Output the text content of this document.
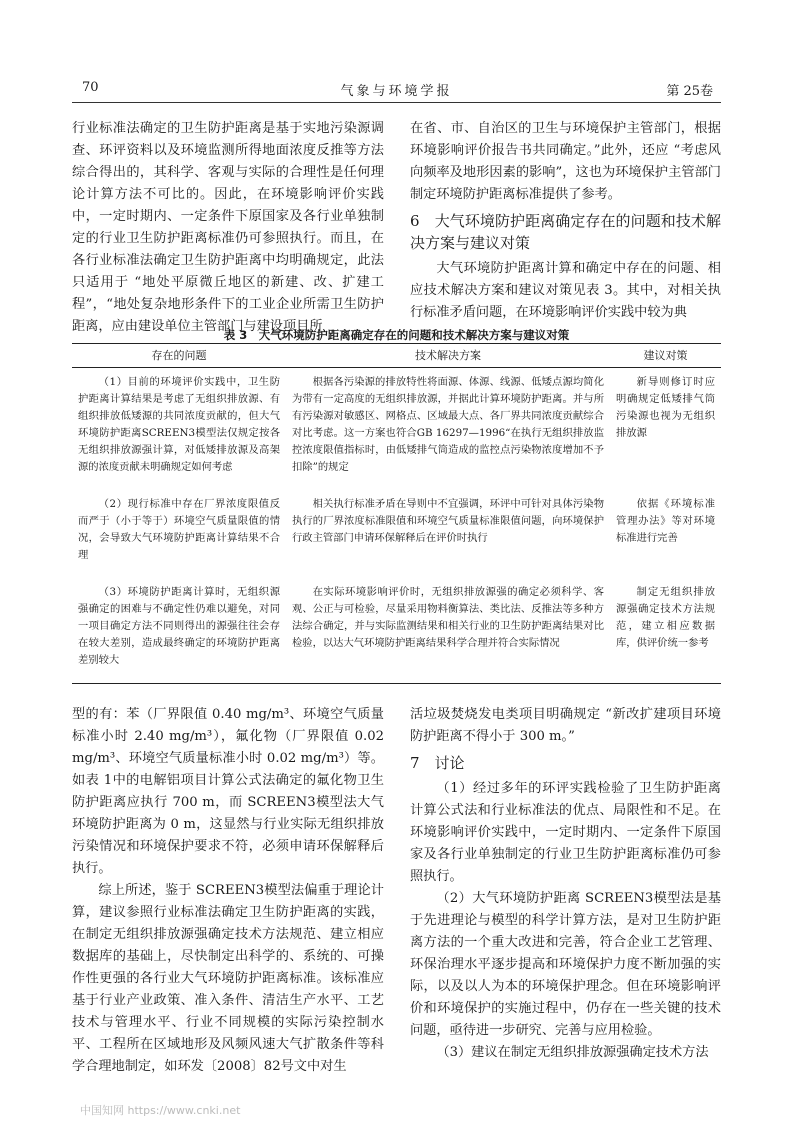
70	气象与环境学报	第 25卷

行业标准法确定的卫生防护距离是基于实地污染源调查、环评资料以及环境监测所得地面浓度反推等方法综合得出的，其科学、客观与实际的合理性是任何理论计算方法不可比的。因此，在环境影响评价实践中，一定时期内、一定条件下原国家及各行业单独制定的行业卫生防护距离标准仍可参照执行。而且，在各行业标准法确定卫生防护距离中均明确规定，此法只适用于 “地处平原微丘地区的新建、改、扩建工程”，“地处复杂地形条件下的工业企业所需卫生防护距离，应由建设单位主管部门与建设项目所

在省、市、自治区的卫生与环境保护主管部门，根据环境影响评价报告书共同确定。”此外，还应 “考虑风向频率及地形因素的影响”，这也为环境保护主管部门制定环境防护距离标准提供了参考。

6　大气环境防护距离确定存在的问题和技术解决方案与建议对策

大气环境防护距离计算和确定中存在的问题、相应技术解决方案和建议对策见表 3。其中，对相关执行标准矛盾问题，在环境影响评价实践中较为典

表 3　大气环境防护距离确定存在的问题和技术解决方案与建议对策
存在的问题	技术解决方案	建议对策

（1）目前的环境评价实践中，卫生防护距离计算结果是考虑了无组织排放源、有组织排放低矮源的共同浓度贡献的，但大气环境防护距离SCREEN3模型法仅规定按各无组织排放源强计算，对低矮排放源及高架源的浓度贡献未明确规定如何考虑	根据各污染源的排放特性将面源、体源、线源、低矮点源均简化为带有一定高度的无组织排放源，并据此计算环境防护距离。并与所有污染源对敏感区、网格点、区域最大点、各厂界共同浓度贡献综合对比考虑。这一方案也符合GB 16297—1996“在执行无组织排放监控浓度限值指标时，由低矮排气筒造成的监控点污染物浓度增加不予扣除”的规定	新导则修订时应明确规定低矮排气筒污染源也视为无组织排放源

（2）现行标准中存在厂界浓度限值反而严于（小于等于）环境空气质量限值的情况，会导致大气环境防护距离计算结果不合理	相关执行标准矛盾在导则中不宜强调，环评中可针对具体污染物执行的厂界浓度标准限值和环境空气质量标准限值问题，向环境保护行政主管部门申请环保解释后在评价时执行	依据《环境标准管理办法》等对环境标准进行完善

（3）环境防护距离计算时，无组织源强确定的困难与不确定性仍难以避免，对同一项目确定方法不同则得出的源强往往会存在较大差别，造成最终确定的环境防护距离差别较大	在实际环境影响评价时，无组织排放源强的确定必须科学、客观、公正与可检验，尽量采用物料衡算法、类比法、反推法等多种方法综合确定，并与实际监测结果和相关行业的卫生防护距离结果对比检验，以达大气环境防护距离结果科学合理并符合实际情况	制定无组织排放源强确定技术方法规范，建立相应数据库，供评价统一参考

型的有：苯（厂界限值 0.40 mg/m³、环境空气质量标准小时 2.40 mg/m³），氟化物（厂界限值 0.02 mg/m³、环境空气质量标准小时 0.02 mg/m³）等。如表 1中的电解铝项目计算公式法确定的氟化物卫生防护距离应执行 700 m，而 SCREEN3模型法大气环境防护距离为 0 m，这显然与行业实际无组织排放污染情况和环境保护要求不符，必须申请环保解释后执行。

综上所述，鉴于 SCREEN3模型法偏重于理论计算，建议参照行业标准法确定卫生防护距离的实践，在制定无组织排放源强确定技术方法规范、建立相应数据库的基础上，尽快制定出科学的、系统的、可操作性更强的各行业大气环境防护距离标准。该标准应基于行业产业政策、准入条件、清洁生产水平、工艺技术与管理水平、行业不同规模的实际污染控制水平、工程所在区域地形及风频风速大气扩散条件等科学合理地制定，如环发〔2008〕82号文中对生

活垃圾焚烧发电类项目明确规定 “新改扩建项目环境防护距离不得小于 300 m。”

7　讨论

（1）经过多年的环评实践检验了卫生防护距离计算公式法和行业标准法的优点、局限性和不足。在环境影响评价实践中，一定时期内、一定条件下原国家及各行业单独制定的行业卫生防护距离标准仍可参照执行。

（2）大气环境防护距离 SCREEN3模型法是基于先进理论与模型的科学计算方法，是对卫生防护距离方法的一个重大改进和完善，符合企业工艺管理、环保治理水平逐步提高和环境保护力度不断加强的实际，以及以人为本的环境保护理念。但在环境影响评价和环境保护的实施过程中，仍存在一些关键的技术问题，亟待进一步研究、完善与应用检验。

（3）建议在制定无组织排放源强确定技术方法

中国知网 https://www.cnki.net
